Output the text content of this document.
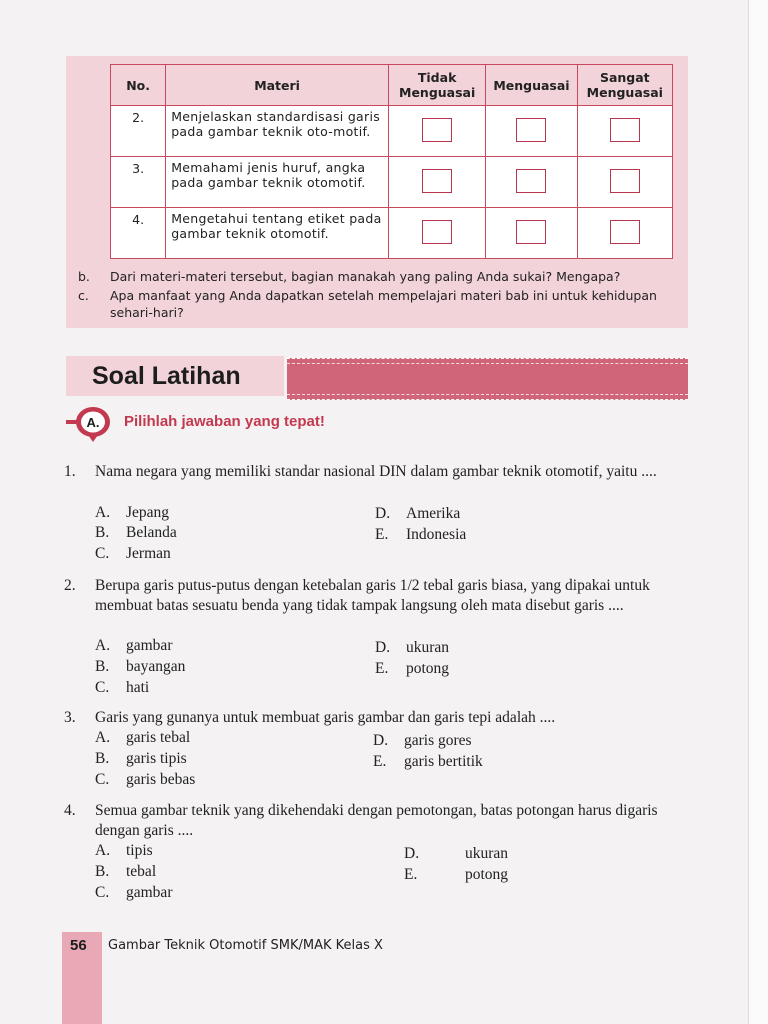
No.	Materi	Tidak Menguasai	Menguasai	Sangat Menguasai
2.	Menjelaskan standardisasi garis pada gambar teknik oto-motif.			
3.	Memahami jenis huruf, angka pada gambar teknik otomotif.			
4.	Mengetahui tentang etiket pada gambar teknik otomotif.			
b. Dari materi-materi tersebut, bagian manakah yang paling Anda sukai? Mengapa?
c. Apa manfaat yang Anda dapatkan setelah mempelajari materi bab ini untuk kehidupan sehari-hari?
Soal Latihan
A. Pilihlah jawaban yang tepat!
1. Nama negara yang memiliki standar nasional DIN dalam gambar teknik otomotif, yaitu ....
A. Jepang
B. Belanda
C. Jerman
D. Amerika
E. Indonesia
2. Berupa garis putus-putus dengan ketebalan garis 1/2 tebal garis biasa, yang dipakai untuk membuat batas sesuatu benda yang tidak tampak langsung oleh mata disebut garis ....
A. gambar
B. bayangan
C. hati
D. ukuran
E. potong
3. Garis yang gunanya untuk membuat garis gambar dan garis tepi adalah ....
A. garis tebal
B. garis tipis
C. garis bebas
D. garis gores
E. garis bertitik
4. Semua gambar teknik yang dikehendaki dengan pemotongan, batas potongan harus digaris dengan garis ....
A. tipis
B. tebal
C. gambar
D.	ukuran
E.	potong
56 Gambar Teknik Otomotif SMK/MAK Kelas X
